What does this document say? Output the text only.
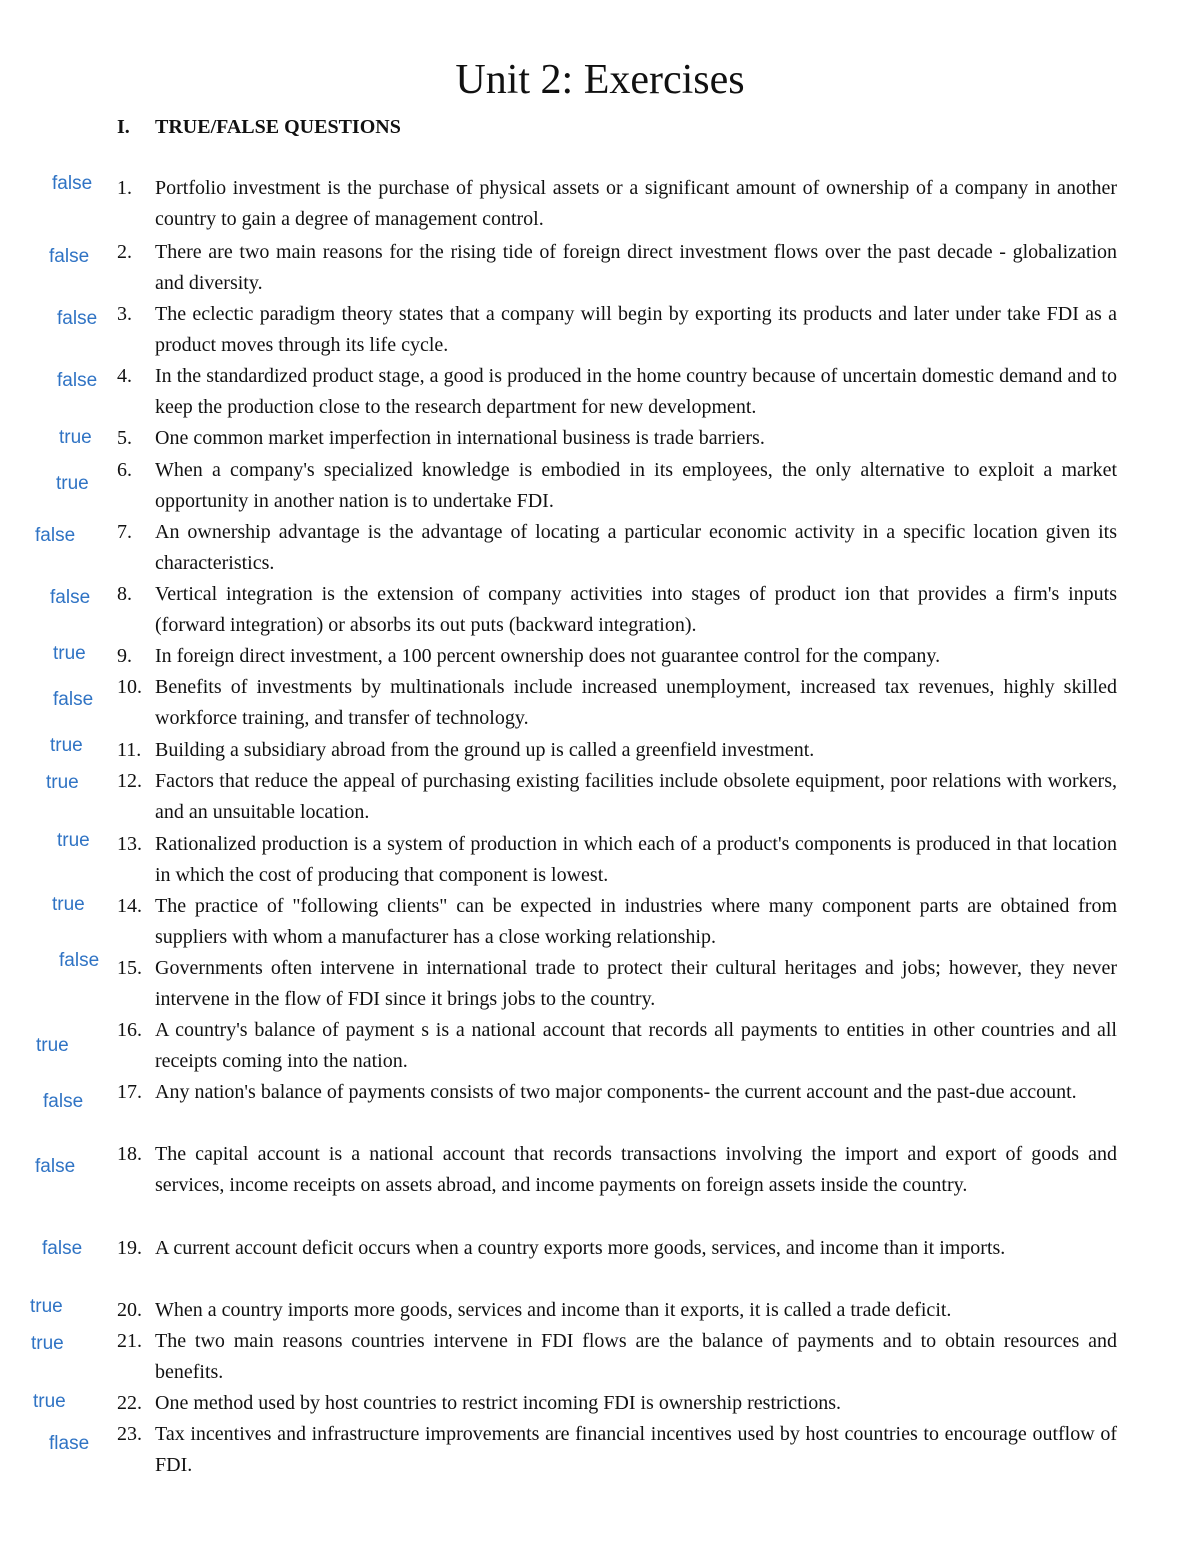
Unit 2: Exercises
I. TRUE/FALSE QUESTIONS
1. Portfolio investment is the purchase of physical assets or a significant amount of ownership of a company in another country to gain a degree of management control.
2. There are two main reasons for the rising tide of foreign direct investment flows over the past decade - globalization and diversity.
3. The eclectic paradigm theory states that a company will begin by exporting its products and later under take FDI as a product moves through its life cycle.
4. In the standardized product stage, a good is produced in the home country because of uncertain domestic demand and to keep the production close to the research department for new development.
5. One common market imperfection in international business is trade barriers.
6. When a company's specialized knowledge is embodied in its employees, the only alternative to exploit a market opportunity in another nation is to undertake FDI.
7. An ownership advantage is the advantage of locating a particular economic activity in a specific location given its characteristics.
8. Vertical integration is the extension of company activities into stages of product ion that provides a firm's inputs (forward integration) or absorbs its out puts (backward integration).
9. In foreign direct investment, a 100 percent ownership does not guarantee control for the company.
10. Benefits of investments by multinationals include increased unemployment, increased tax revenues, highly skilled workforce training, and transfer of technology.
11. Building a subsidiary abroad from the ground up is called a greenfield investment.
12. Factors that reduce the appeal of purchasing existing facilities include obsolete equipment, poor relations with workers, and an unsuitable location.
13. Rationalized production is a system of production in which each of a product's components is produced in that location in which the cost of producing that component is lowest.
14. The practice of "following clients" can be expected in industries where many component parts are obtained from suppliers with whom a manufacturer has a close working relationship.
15. Governments often intervene in international trade to protect their cultural heritages and jobs; however, they never intervene in the flow of FDI since it brings jobs to the country.
16. A country's balance of payment s is a national account that records all payments to entities in other countries and all receipts coming into the nation.
17. Any nation's balance of payments consists of two major components- the current account and the past-due account.
18. The capital account is a national account that records transactions involving the import and export of goods and services, income receipts on assets abroad, and income payments on foreign assets inside the country.
19. A current account deficit occurs when a country exports more goods, services, and income than it imports.
20. When a country imports more goods, services and income than it exports, it is called a trade deficit.
21. The two main reasons countries intervene in FDI flows are the balance of payments and to obtain resources and benefits.
22. One method used by host countries to restrict incoming FDI is ownership restrictions.
23. Tax incentives and infrastructure improvements are financial incentives used by host countries to encourage outflow of FDI.
false
false
false
false
true
true
false
false
true
false
true
true
true
true
false
true
false
false
false
true
true
true
flase
